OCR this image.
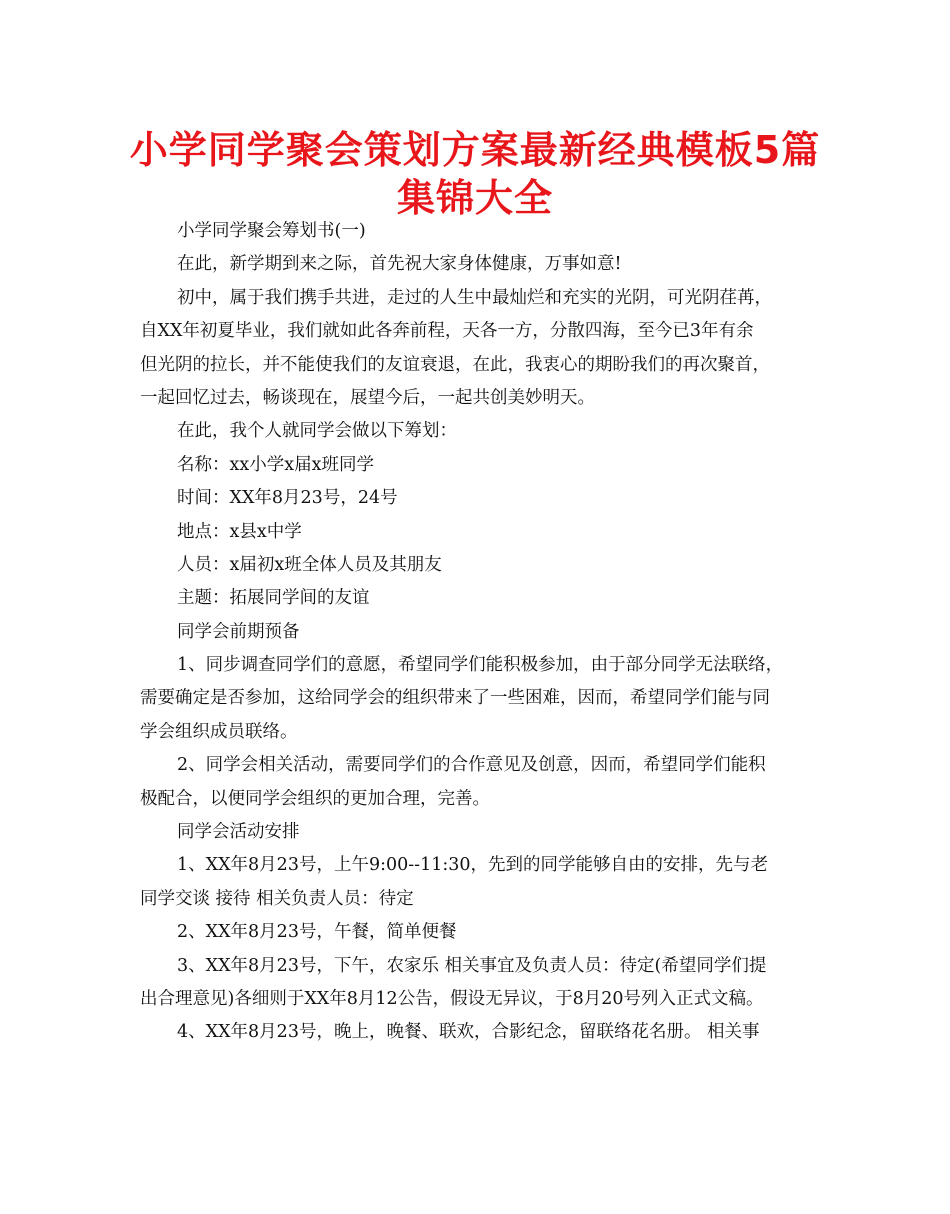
小学同学聚会策划方案最新经典模板5篇
集锦大全
小学同学聚会筹划书(一)
在此，新学期到来之际，首先祝大家身体健康，万事如意!
初中，属于我们携手共进，走过的人生中最灿烂和充实的光阴，可光阴荏苒，
自XX年初夏毕业，我们就如此各奔前程，天各一方，分散四海，至今已3年有余
但光阴的拉长，并不能使我们的友谊衰退，在此，我衷心的期盼我们的再次聚首，
一起回忆过去，畅谈现在，展望今后，一起共创美妙明天。
在此，我个人就同学会做以下筹划：
名称：xx小学x届x班同学
时间：XX年8月23号，24号
地点：x县x中学
人员：x届初x班全体人员及其朋友
主题：拓展同学间的友谊
同学会前期预备
1、同步调查同学们的意愿，希望同学们能积极参加，由于部分同学无法联络，
需要确定是否参加，这给同学会的组织带来了一些困难，因而，希望同学们能与同
学会组织成员联络。
2、同学会相关活动，需要同学们的合作意见及创意，因而，希望同学们能积
极配合，以便同学会组织的更加合理，完善。
同学会活动安排
1、XX年8月23号，上午9:00--11:30，先到的同学能够自由的安排，先与老
同学交谈 接待 相关负责人员：待定
2、XX年8月23号，午餐，简单便餐
3、XX年8月23号，下午，农家乐 相关事宜及负责人员：待定(希望同学们提
出合理意见)各细则于XX年8月12公告，假设无异议，于8月20号列入正式文稿。
4、XX年8月23号，晚上，晚餐、联欢，合影纪念，留联络花名册。 相关事
